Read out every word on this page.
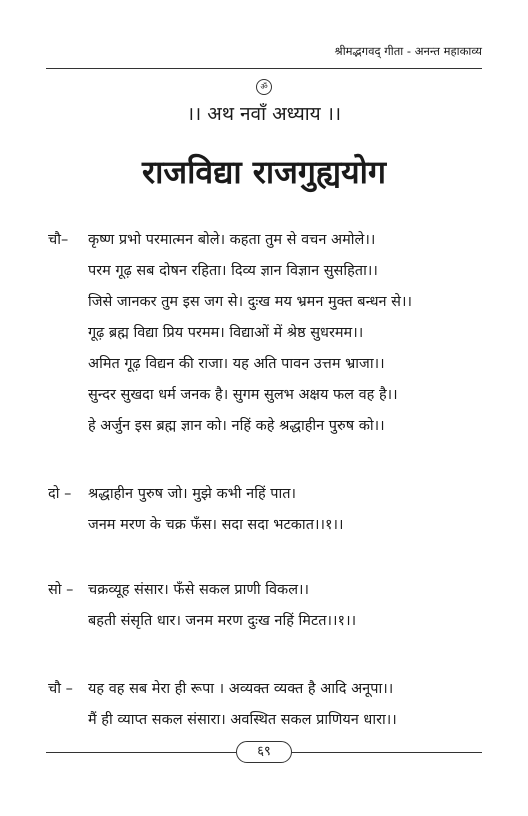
श्रीमद्भगवद् गीता - अनन्त महाकाव्य
ॐ
।। अथ नवाँ अध्याय ।।
राजविद्या राजगुह्ययोग
चौ– कृष्ण प्रभो परमात्मन बोले। कहता तुम से वचन अमोले।।
परम गूढ़ सब दोषन रहिता। दिव्य ज्ञान विज्ञान सुसहिता।।
जिसे जानकर तुम इस जग से। दुःख मय भ्रमन मुक्त बन्धन से।।
गूढ़ ब्रह्म विद्या प्रिय परमम। विद्याओं में श्रेष्ठ सुधरमम।।
अमित गूढ़ विद्यन की राजा। यह अति पावन उत्तम भ्राजा।।
सुन्दर सुखदा धर्म जनक है। सुगम सुलभ अक्षय फल वह है।।
हे अर्जुन इस ब्रह्म ज्ञान को। नहिं कहे श्रद्धाहीन पुरुष को।।
दो – श्रद्धाहीन पुरुष जो। मुझे कभी नहिं पात।
जनम मरण के चक्र फँस। सदा सदा भटकात।।१।।
सो – चक्रव्यूह संसार। फँसे सकल प्राणी विकल।।
बहती संसृति धार। जनम मरण दुःख नहिं मिटत।।१।।
चौ – यह वह सब मेरा ही रूपा । अव्यक्त व्यक्त है आदि अनूपा।।
मैं ही व्याप्त सकल संसारा। अवस्थित सकल प्राणियन धारा।।
६९
